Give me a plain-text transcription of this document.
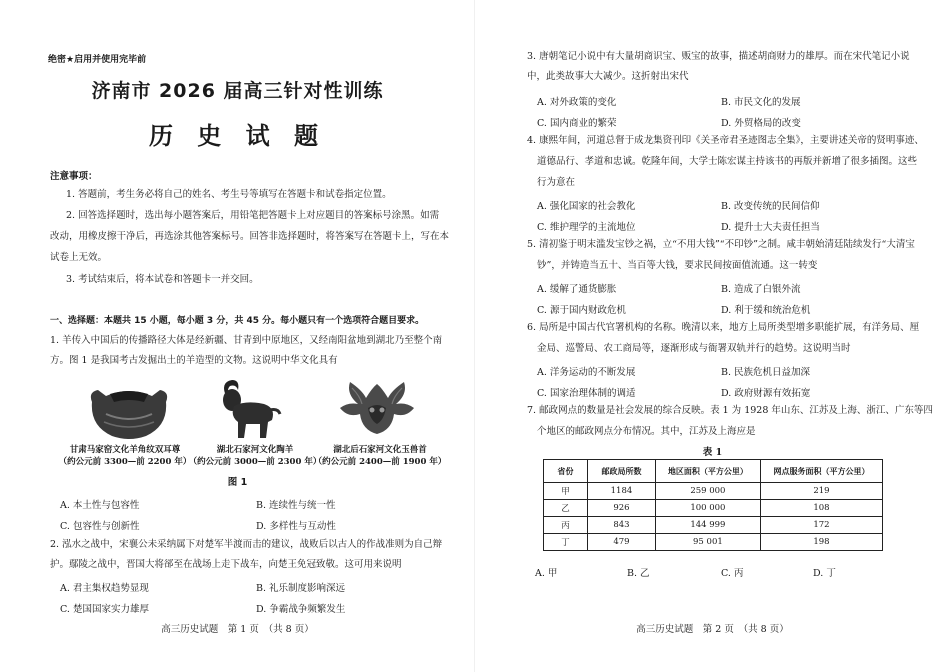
绝密★启用并使用完毕前
济南市 2026 届高三针对性训练
历 史 试 题
注意事项：
1. 答题前，考生务必将自己的姓名、考生号等填写在答题卡和试卷指定位置。
2. 回答选择题时，选出每小题答案后，用铅笔把答题卡上对应题目的答案标号涂黑。如需
改动，用橡皮擦干净后，再选涂其他答案标号。回答非选择题时，将答案写在答题卡上，写在本
试卷上无效。
3. 考试结束后，将本试卷和答题卡一并交回。
一、选择题：本题共 15 小题，每小题 3 分，共 45 分。每小题只有一个选项符合题目要求。
1. 羊传入中国后的传播路径大体是经新疆、甘青到中原地区，又经南阳盆地到湖北乃至整个南
方。图 1 是我国考古发掘出土的羊造型的文物。这说明中华文化具有
甘肃马家窑文化羊角纹双耳尊
（约公元前 3300—前 2200 年）
湖北石家河文化陶羊
（约公元前 3000—前 2300 年）
湖北后石家河文化玉兽首
（约公元前 2400—前 1900 年）
图 1
A. 本土性与包容性	B. 连续性与统一性
C. 包容性与创新性	D. 多样性与互动性
2. 泓水之战中，宋襄公未采纳属下对楚军半渡而击的建议，战败后以古人的作战准则为自己辩
护。鄢陵之战中，晋国大将郤至在战场上走下战车，向楚王免冠致敬。这可用来说明
A. 君主集权趋势显现	B. 礼乐制度影响深远
C. 楚国国家实力雄厚	D. 争霸战争频繁发生
高三历史试题　第 1 页　（共 8 页）
3. 唐朝笔记小说中有大量胡商识宝、贩宝的故事，描述胡商财力的雄厚。而在宋代笔记小说
中，此类故事大大减少。这折射出宋代
A. 对外政策的变化	B. 市民文化的发展
C. 国内商业的繁荣	D. 外贸格局的改变
4. 康熙年间，河道总督于成龙集资刊印《关圣帝君圣迹图志全集》，主要讲述关帝的贤明事迹、
道德品行、孝道和忠诚。乾隆年间，大学士陈宏谋主持该书的再版并新增了很多插图。这些
行为意在
A. 强化国家的社会教化	B. 改变传统的民间信仰
C. 维护理学的主流地位	D. 提升士大夫责任担当
5. 清初鉴于明末滥发宝钞之祸，立“不用大钱”“不印钞”之制。咸丰朝始清廷陆续发行“大清宝
钞”，并铸造当五十、当百等大钱，要求民间按面值流通。这一转变
A. 缓解了通货膨胀	B. 造成了白银外流
C. 源于国内财政危机	D. 利于缓和统治危机
6. 局所是中国古代官署机构的名称。晚清以来，地方上局所类型增多职能扩展，有洋务局、厘
金局、巡警局、农工商局等，逐渐形成与衙署双轨并行的趋势。这说明当时
A. 洋务运动的不断发展	B. 民族危机日益加深
C. 国家治理体制的调适	D. 政府财源有效拓宽
7. 邮政网点的数量是社会发展的综合反映。表 1 为 1928 年山东、江苏及上海、浙江、广东等四
个地区的邮政网点分布情况。其中，江苏及上海应是
表 1
A. 甲	B. 乙	C. 丙	D. 丁
高三历史试题　第 2 页　（共 8 页）
省份	邮政局所数	地区面积（平方公里）	网点服务面积（平方公里）
甲	1184	259 000	219
乙	926	100 000	108
丙	843	144 999	172
丁	479	95 001	198
